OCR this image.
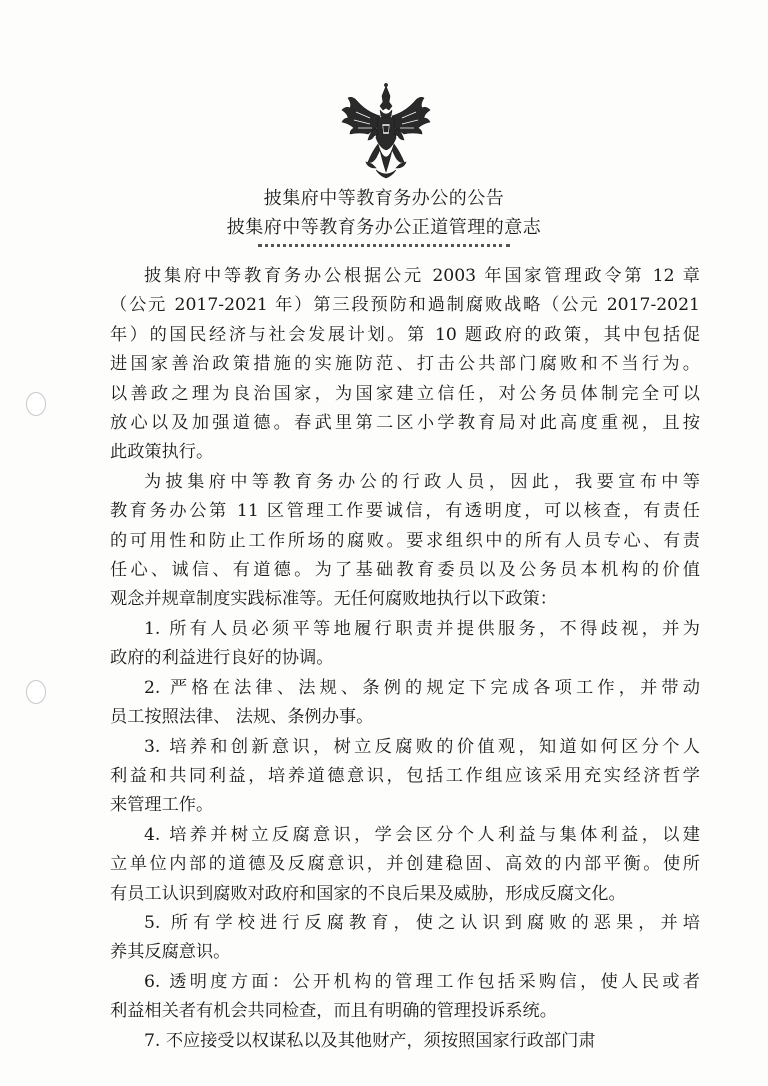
披集府中等教育务办公的公告
披集府中等教育务办公正道管理的意志
披集府中等教育务办公根据公元 2003 年国家管理政令第 12 章
（公元 2017-2021 年）第三段预防和過制腐败战略（公元 2017-2021
年）的国民经济与社会发展计划。第 10 题政府的政策，其中包括促
进国家善治政策措施的实施防范、打击公共部门腐败和不当行为。
以善政之理为良治国家，为国家建立信任，对公务员体制完全可以
放心以及加强道德。春武里第二区小学教育局对此高度重视，且按
此政策执行。
为披集府中等教育务办公的行政人员，因此，我要宣布中等
教育务办公第 11 区管理工作要诚信，有透明度，可以核查，有责任
的可用性和防止工作所场的腐败。要求组织中的所有人员专心、有责
任心、诚信、有道德。为了基础教育委员以及公务员本机构的价值
观念并规章制度实践标准等。无任何腐败地执行以下政策：
1. 所有人员必须平等地履行职责并提供服务，不得歧视，并为
政府的利益进行良好的协调。
2. 严格在法律、法规、条例的规定下完成各项工作，并带动
员工按照法律、 法规、条例办事。
3. 培养和创新意识，树立反腐败的价值观，知道如何区分个人
利益和共同利益，培养道德意识，包括工作组应该采用充实经济哲学
来管理工作。
4. 培养并树立反腐意识，学会区分个人利益与集体利益，以建
立单位内部的道德及反腐意识，并创建稳固、高效的内部平衡。使所
有员工认识到腐败对政府和国家的不良后果及威胁，形成反腐文化。
5. 所有学校进行反腐教育，使之认识到腐败的恶果，并培
养其反腐意识。
6. 透明度方面：公开机构的管理工作包括采购信，使人民或者
利益相关者有机会共同检查，而且有明确的管理投诉系统。
7. 不应接受以权谋私以及其他财产，须按照国家行政部门肃
